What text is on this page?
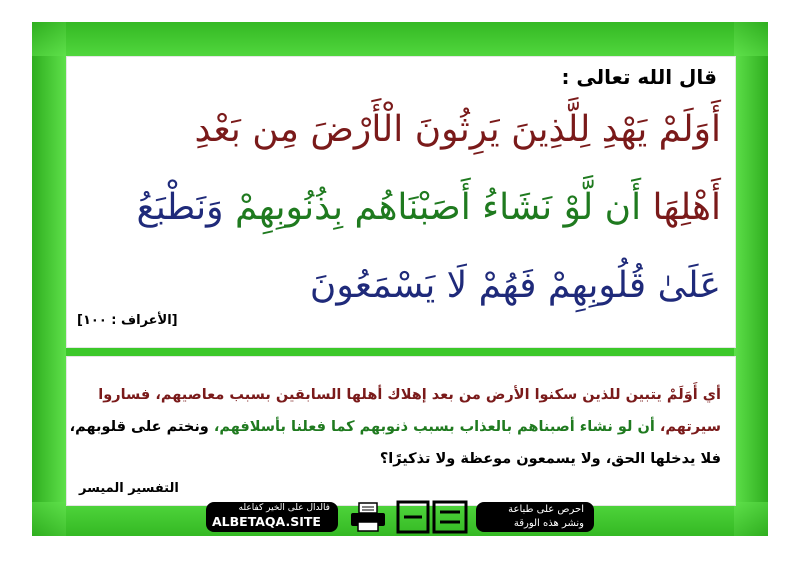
قال الله تعالى :
أَوَلَمْ يَهْدِ لِلَّذِينَ يَرِثُونَ الْأَرْضَ مِن بَعْدِ
أَهْلِهَا أَن لَّوْ نَشَاءُ أَصَبْنَاهُم بِذُنُوبِهِمْ وَنَطْبَعُ
عَلَىٰ قُلُوبِهِمْ فَهُمْ لَا يَسْمَعُونَ
[الأعراف : ١٠٠]
أي أَوَلَمْ يتبين للذين سكنوا الأرض من بعد إهلاك أهلها السابقين بسبب معاصيهم، فساروا
سيرتهم، أن لو نشاء أصبناهم بالعذاب بسبب ذنوبهم كما فعلنا بأسلافهم، ونختم على قلوبهم،
فلا يدخلها الحق، ولا يسمعون موعظة ولا تذكيرًا؟
التفسير الميسر
فالدال على الخير كفاعله
ALBETAQA.SITE
احرص على طباعة
ونشر هذه الورقة
